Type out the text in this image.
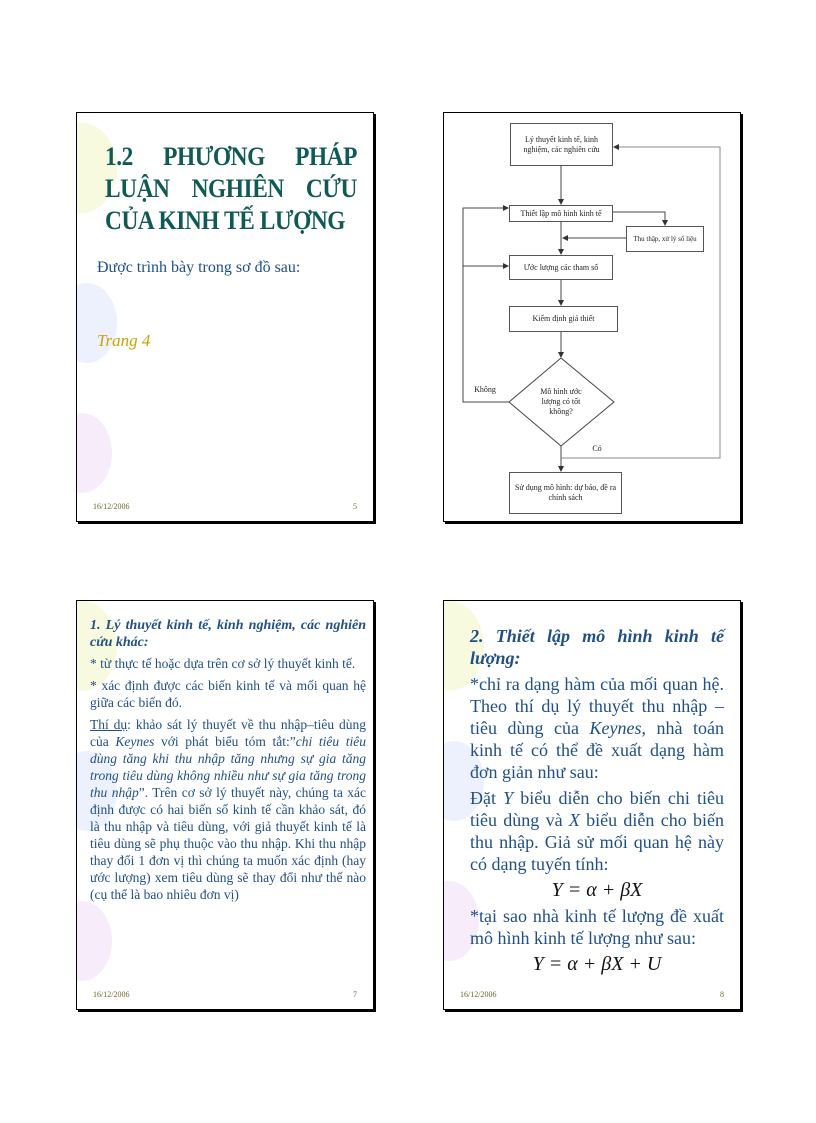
1.2 PHƯƠNG PHÁP LUẬN NGHIÊN CỨU CỦA KINH TẾ LƯỢNG
Được trình bày trong sơ đồ sau:
Trang 4
16/12/2006	5
Lý thuyết kinh tế, kinh nghiệm, các nghiên cứu
Thiết lập mô hình kinh tế
Thu thập, xử lý số liệu
Ước lượng các tham số
Kiểm định giả thiết
Mô hình ước lượng có tốt không?
Không
Có
Sử dụng mô hình: dự báo, đề ra chính sách
1. Lý thuyết kinh tế, kinh nghiệm, các nghiên cứu khác:

* từ thực tế hoặc dựa trên cơ sở lý thuyết kinh tế.

* xác định được các biến kinh tế và mối quan hệ giữa các biến đó.

Thí dụ: khảo sát lý thuyết về thu nhập–tiêu dùng của Keynes với phát biểu tóm tắt:”chi tiêu tiêu dùng tăng khi thu nhập tăng nhưng sự gia tăng trong tiêu dùng không nhiều như sự gia tăng trong thu nhập”. Trên cơ sở lý thuyết này, chúng ta xác định được có hai biến số kinh tế cần khảo sát, đó là thu nhập và tiêu dùng, với giả thuyết kinh tế là tiêu dùng sẽ phụ thuộc vào thu nhập. Khi thu nhập thay đổi 1 đơn vị thì chúng ta muốn xác định (hay ước lượng) xem tiêu dùng sẽ thay đổi như thế nào (cụ thể là bao nhiêu đơn vị)

16/12/2006	7
2. Thiết lập mô hình kinh tế lượng:

*chỉ ra dạng hàm của mối quan hệ. Theo thí dụ lý thuyết thu nhập – tiêu dùng của Keynes, nhà toán kinh tế có thể đề xuất dạng hàm đơn giản như sau:

Đặt Y biểu diễn cho biến chi tiêu tiêu dùng và X biểu diễn cho biến thu nhập. Giả sử mối quan hệ này có dạng tuyến tính:

Y = α + βX

*tại sao nhà kinh tế lượng đề xuất mô hình kinh tế lượng như sau:

Y = α + βX + U
16/12/2006	8
